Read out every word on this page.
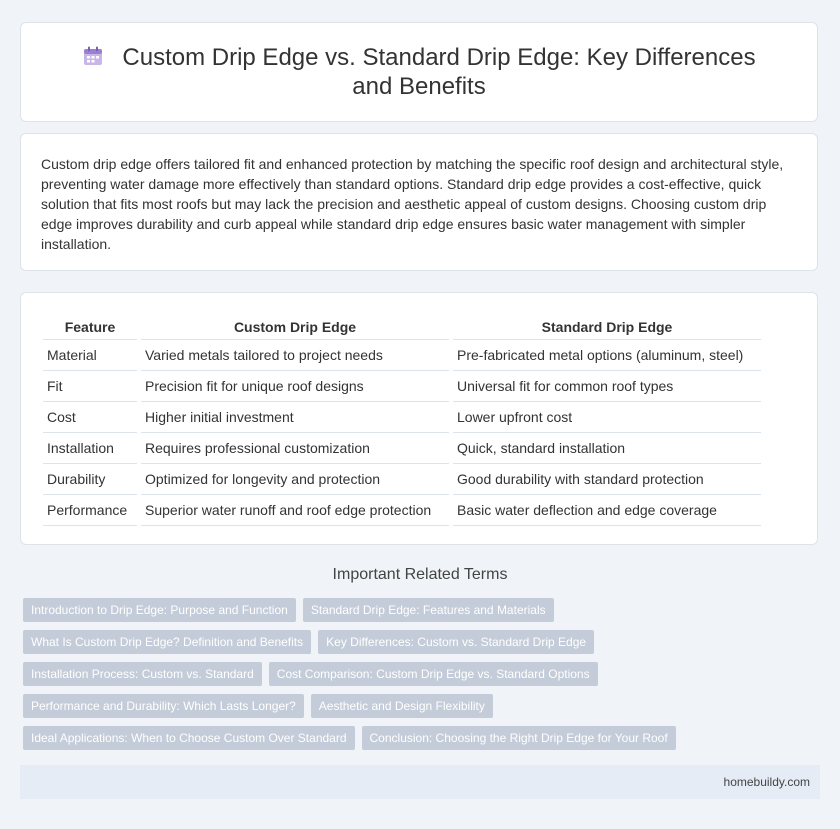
Custom Drip Edge vs. Standard Drip Edge: Key Differences and Benefits
Custom drip edge offers tailored fit and enhanced protection by matching the specific roof design and architectural style, preventing water damage more effectively than standard options. Standard drip edge provides a cost-effective, quick solution that fits most roofs but may lack the precision and aesthetic appeal of custom designs. Choosing custom drip edge improves durability and curb appeal while standard drip edge ensures basic water management with simpler installation.
Feature	Custom Drip Edge	Standard Drip Edge
Material	Varied metals tailored to project needs	Pre-fabricated metal options (aluminum, steel)
Fit	Precision fit for unique roof designs	Universal fit for common roof types
Cost	Higher initial investment	Lower upfront cost
Installation	Requires professional customization	Quick, standard installation
Durability	Optimized for longevity and protection	Good durability with standard protection
Performance	Superior water runoff and roof edge protection	Basic water deflection and edge coverage
Important Related Terms
Introduction to Drip Edge: Purpose and Function	Standard Drip Edge: Features and Materials
What Is Custom Drip Edge? Definition and Benefits	Key Differences: Custom vs. Standard Drip Edge
Installation Process: Custom vs. Standard	Cost Comparison: Custom Drip Edge vs. Standard Options
Performance and Durability: Which Lasts Longer?	Aesthetic and Design Flexibility
Ideal Applications: When to Choose Custom Over Standard	Conclusion: Choosing the Right Drip Edge for Your Roof
homebuildy.com
